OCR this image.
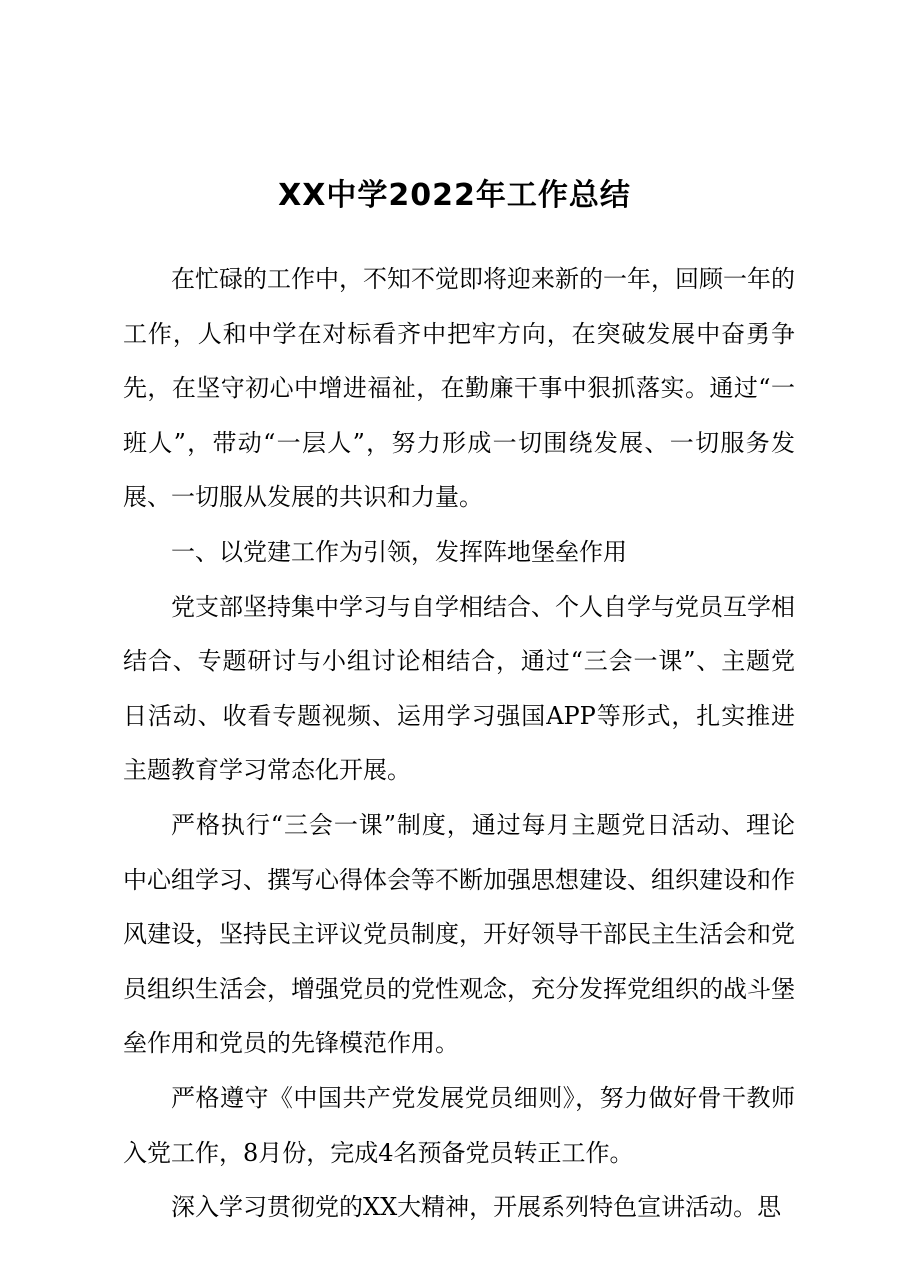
XX中学2022年工作总结

在忙碌的工作中，不知不觉即将迎来新的一年，回顾一年的工作，人和中学在对标看齐中把牢方向，在突破发展中奋勇争先，在坚守初心中增进福祉，在勤廉干事中狠抓落实。通过“一班人”，带动“一层人”，努力形成一切围绕发展、一切服务发展、一切服从发展的共识和力量。

一、以党建工作为引领，发挥阵地堡垒作用

党支部坚持集中学习与自学相结合、个人自学与党员互学相结合、专题研讨与小组讨论相结合，通过“三会一课”、主题党日活动、收看专题视频、运用学习强国APP等形式，扎实推进主题教育学习常态化开展。

严格执行“三会一课”制度，通过每月主题党日活动、理论中心组学习、撰写心得体会等不断加强思想建设、组织建设和作风建设，坚持民主评议党员制度，开好领导干部民主生活会和党员组织生活会，增强党员的党性观念，充分发挥党组织的战斗堡垒作用和党员的先锋模范作用。

严格遵守《中国共产党发展党员细则》，努力做好骨干教师入党工作，8月份，完成4名预备党员转正工作。

深入学习贯彻党的XX大精神，开展系列特色宣讲活动。思
